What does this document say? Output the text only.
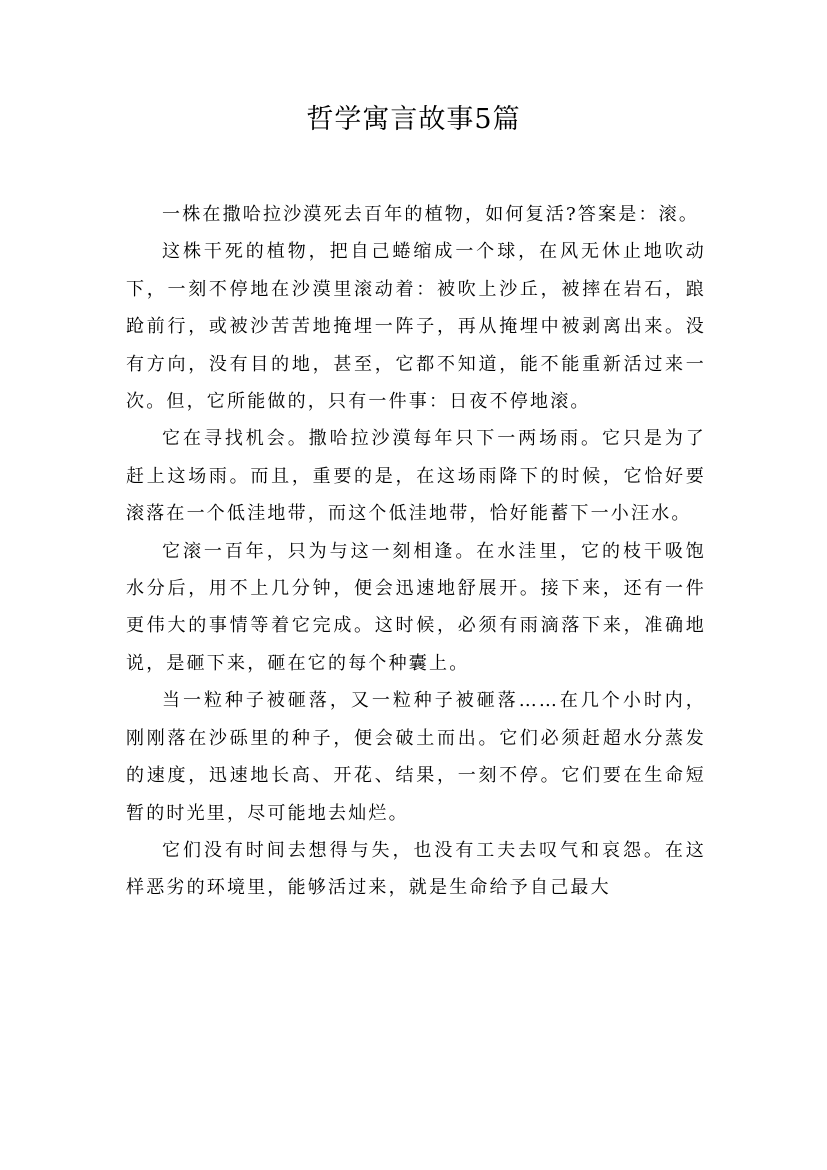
哲学寓言故事5篇

一株在撒哈拉沙漠死去百年的植物，如何复活?答案是：滚。

这株干死的植物，把自己蜷缩成一个球，在风无休止地吹动下，一刻不停地在沙漠里滚动着：被吹上沙丘，被摔在岩石，踉跄前行，或被沙苦苦地掩埋一阵子，再从掩埋中被剥离出来。没有方向，没有目的地，甚至，它都不知道，能不能重新活过来一次。但，它所能做的，只有一件事：日夜不停地滚。

它在寻找机会。撒哈拉沙漠每年只下一两场雨。它只是为了赶上这场雨。而且，重要的是，在这场雨降下的时候，它恰好要滚落在一个低洼地带，而这个低洼地带，恰好能蓄下一小汪水。

它滚一百年，只为与这一刻相逢。在水洼里，它的枝干吸饱水分后，用不上几分钟，便会迅速地舒展开。接下来，还有一件更伟大的事情等着它完成。这时候，必须有雨滴落下来，准确地说，是砸下来，砸在它的每个种囊上。

当一粒种子被砸落，又一粒种子被砸落……在几个小时内，刚刚落在沙砾里的种子，便会破土而出。它们必须赶超水分蒸发的速度，迅速地长高、开花、结果，一刻不停。它们要在生命短暂的时光里，尽可能地去灿烂。

它们没有时间去想得与失，也没有工夫去叹气和哀怨。在这样恶劣的环境里，能够活过来，就是生命给予自己最大
